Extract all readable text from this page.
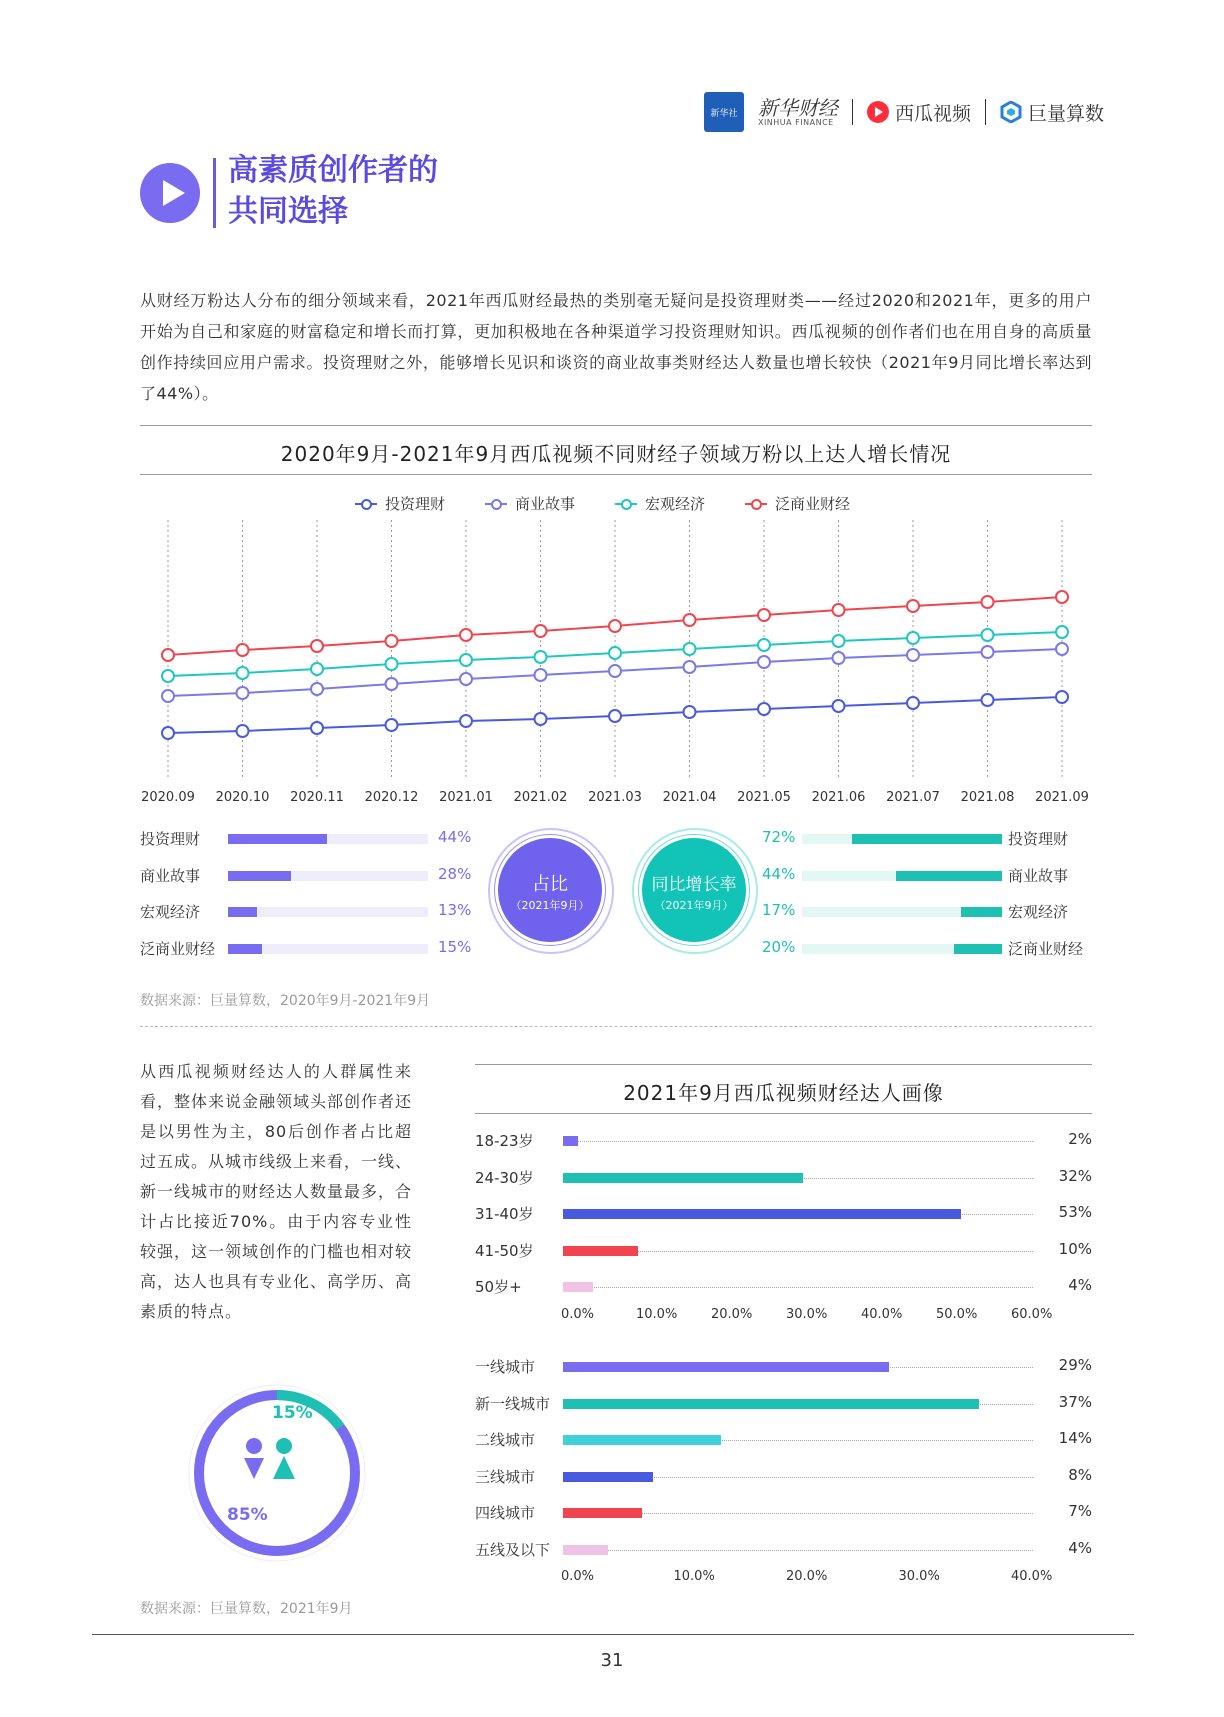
新华社	新华财经
XINHUA FINANCE	西瓜视频	巨量算数
高素质创作者的
共同选择
从财经万粉达人分布的细分领域来看，2021年西瓜财经最热的类别毫无疑问是投资理财类——经过2020和2021年，更多的用户开始为自己和家庭的财富稳定和增长而打算，更加积极地在各种渠道学习投资理财知识。西瓜视频的创作者们也在用自身的高质量创作持续回应用户需求。投资理财之外，能够增长见识和谈资的商业故事类财经达人数量也增长较快（2021年9月同比增长率达到了44%）。
2020年9月-2021年9月西瓜视频不同财经子领域万粉以上达人增长情况
投资理财	商业故事	宏观经济	泛商业财经
2020.09 2020.10 2020.11 2020.12 2021.01 2021.02 2021.03 2021.04 2021.05 2021.06 2021.07 2021.08 2021.09
投资理财	44%
商业故事	28%
宏观经济	13%
泛商业财经	15%
占比
（2021年9月）
同比增长率
（2021年9月）
72%	投资理财
44%	商业故事
17%	宏观经济
20%	泛商业财经
数据来源：巨量算数，2020年9月-2021年9月
从西瓜视频财经达人的人群属性来看，整体来说金融领域头部创作者还是以男性为主，80后创作者占比超过五成。从城市线级上来看，一线、新一线城市的财经达人数量最多，合计占比接近70%。由于内容专业性较强，这一领域创作的门槛也相对较高，达人也具有专业化、高学历、高素质的特点。
15%
85%
2021年9月西瓜视频财经达人画像
18-23岁	2%
24-30岁	32%
31-40岁	53%
41-50岁	10%
50岁+	4%
0.0%	10.0%	20.0%	30.0%	40.0%	50.0%	60.0%
一线城市	29%
新一线城市	37%
二线城市	14%
三线城市	8%
四线城市	7%
五线及以下	4%
0.0%	10.0%	20.0%	30.0%	40.0%
数据来源：巨量算数，2021年9月
31
